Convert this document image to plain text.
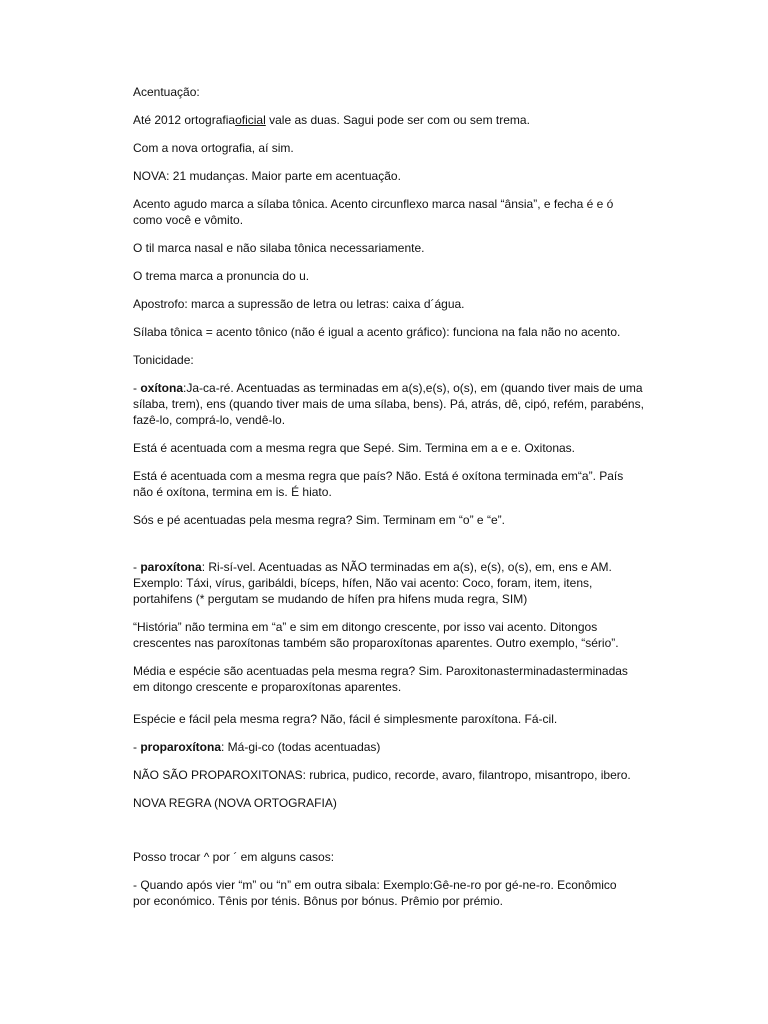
Acentuação:
Até 2012 ortografiaoficial vale as duas. Sagui pode ser com ou sem trema.
Com a nova ortografia, aí sim.
NOVA: 21 mudanças. Maior parte em acentuação.
Acento agudo marca a sílaba tônica. Acento circunflexo marca nasal “ânsia”, e fecha é e ó
como você e vômito.
O til marca nasal e não silaba tônica necessariamente.
O trema marca a pronuncia do u.
Apostrofo: marca a supressão de letra ou letras: caixa d´água.
Sílaba tônica = acento tônico (não é igual a acento gráfico): funciona na fala não no acento.
Tonicidade:
- oxítona:Ja-ca-ré. Acentuadas as terminadas em a(s),e(s), o(s), em (quando tiver mais de uma
sílaba, trem), ens (quando tiver mais de uma sílaba, bens). Pá, atrás, dê, cipó, refém, parabéns,
fazê-lo, comprá-lo, vendê-lo.
Está é acentuada com a mesma regra que Sepé. Sim. Termina em a e e. Oxitonas.
Está é acentuada com a mesma regra que país? Não. Está é oxítona terminada em“a”. País
não é oxítona, termina em is. É hiato.
Sós e pé acentuadas pela mesma regra? Sim. Terminam em “o” e “e”.
- paroxítona: Ri-sí-vel. Acentuadas as NÃO terminadas em a(s), e(s), o(s), em, ens e AM.
Exemplo: Táxi, vírus, garibáldi, bíceps, hífen, Não vai acento: Coco, foram, item, itens,
portahifens (* pergutam se mudando de hífen pra hifens muda regra, SIM)
“História” não termina em “a” e sim em ditongo crescente, por isso vai acento. Ditongos
crescentes nas paroxítonas também são proparoxítonas aparentes. Outro exemplo, “sério”.
Média e espécie são acentuadas pela mesma regra? Sim. Paroxitonasterminadasterminadas
em ditongo crescente e proparoxítonas aparentes.
Espécie e fácil pela mesma regra? Não, fácil é simplesmente paroxítona. Fá-cil.
- proparoxítona: Má-gi-co (todas acentuadas)
NÃO SÃO PROPAROXITONAS: rubrica, pudico, recorde, avaro, filantropo, misantropo, ibero.
NOVA REGRA (NOVA ORTOGRAFIA)
Posso trocar ^ por ´ em alguns casos:
- Quando após vier “m” ou “n” em outra sibala: Exemplo:Gê-ne-ro por gé-ne-ro. Econômico
por económico. Tênis por ténis. Bônus por bónus. Prêmio por prémio.
